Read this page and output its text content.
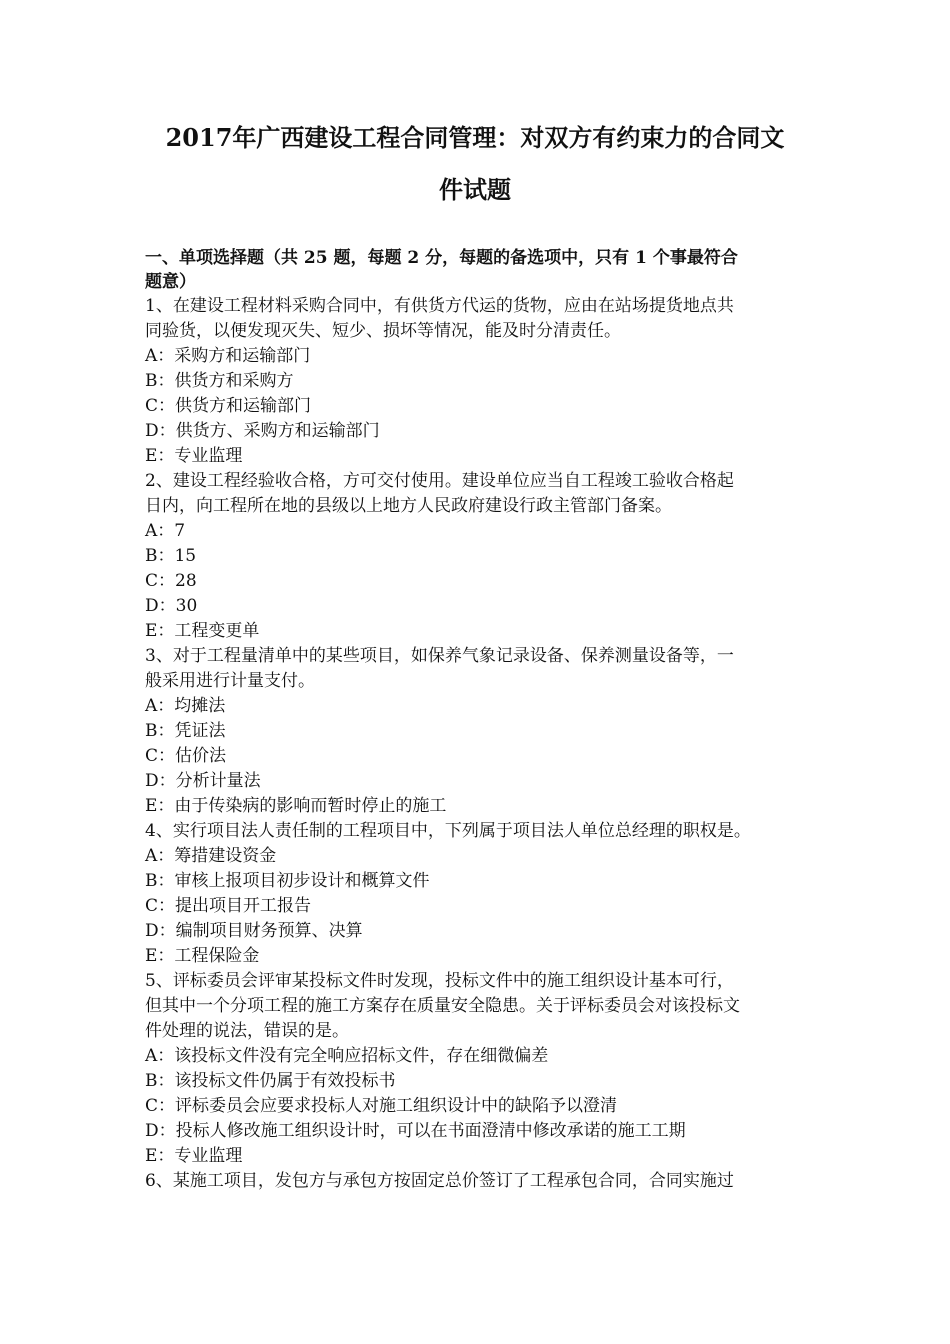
2017年广西建设工程合同管理：对双方有约束力的合同文
件试题
一、单项选择题（共 25 题，每题 2 分，每题的备选项中，只有 1 个事最符合
题意）
1、在建设工程材料采购合同中，有供货方代运的货物，应由在站场提货地点共
同验货，以便发现灭失、短少、损坏等情况，能及时分清责任。
A：采购方和运输部门
B：供货方和采购方
C：供货方和运输部门
D：供货方、采购方和运输部门
E：专业监理
2、建设工程经验收合格，方可交付使用。建设单位应当自工程竣工验收合格起
日内，向工程所在地的县级以上地方人民政府建设行政主管部门备案。
A：7
B：15
C：28
D：30
E：工程变更单
3、对于工程量清单中的某些项目，如保养气象记录设备、保养测量设备等，一
般采用进行计量支付。
A：均摊法
B：凭证法
C：估价法
D：分析计量法
E：由于传染病的影响而暂时停止的施工
4、实行项目法人责任制的工程项目中，下列属于项目法人单位总经理的职权是。
A：筹措建设资金
B：审核上报项目初步设计和概算文件
C：提出项目开工报告
D：编制项目财务预算、决算
E：工程保险金
5、评标委员会评审某投标文件时发现，投标文件中的施工组织设计基本可行，
但其中一个分项工程的施工方案存在质量安全隐患。关于评标委员会对该投标文
件处理的说法，错误的是。
A：该投标文件没有完全响应招标文件，存在细微偏差
B：该投标文件仍属于有效投标书
C：评标委员会应要求投标人对施工组织设计中的缺陷予以澄清
D：投标人修改施工组织设计时，可以在书面澄清中修改承诺的施工工期
E：专业监理
6、某施工项目，发包方与承包方按固定总价签订了工程承包合同，合同实施过
